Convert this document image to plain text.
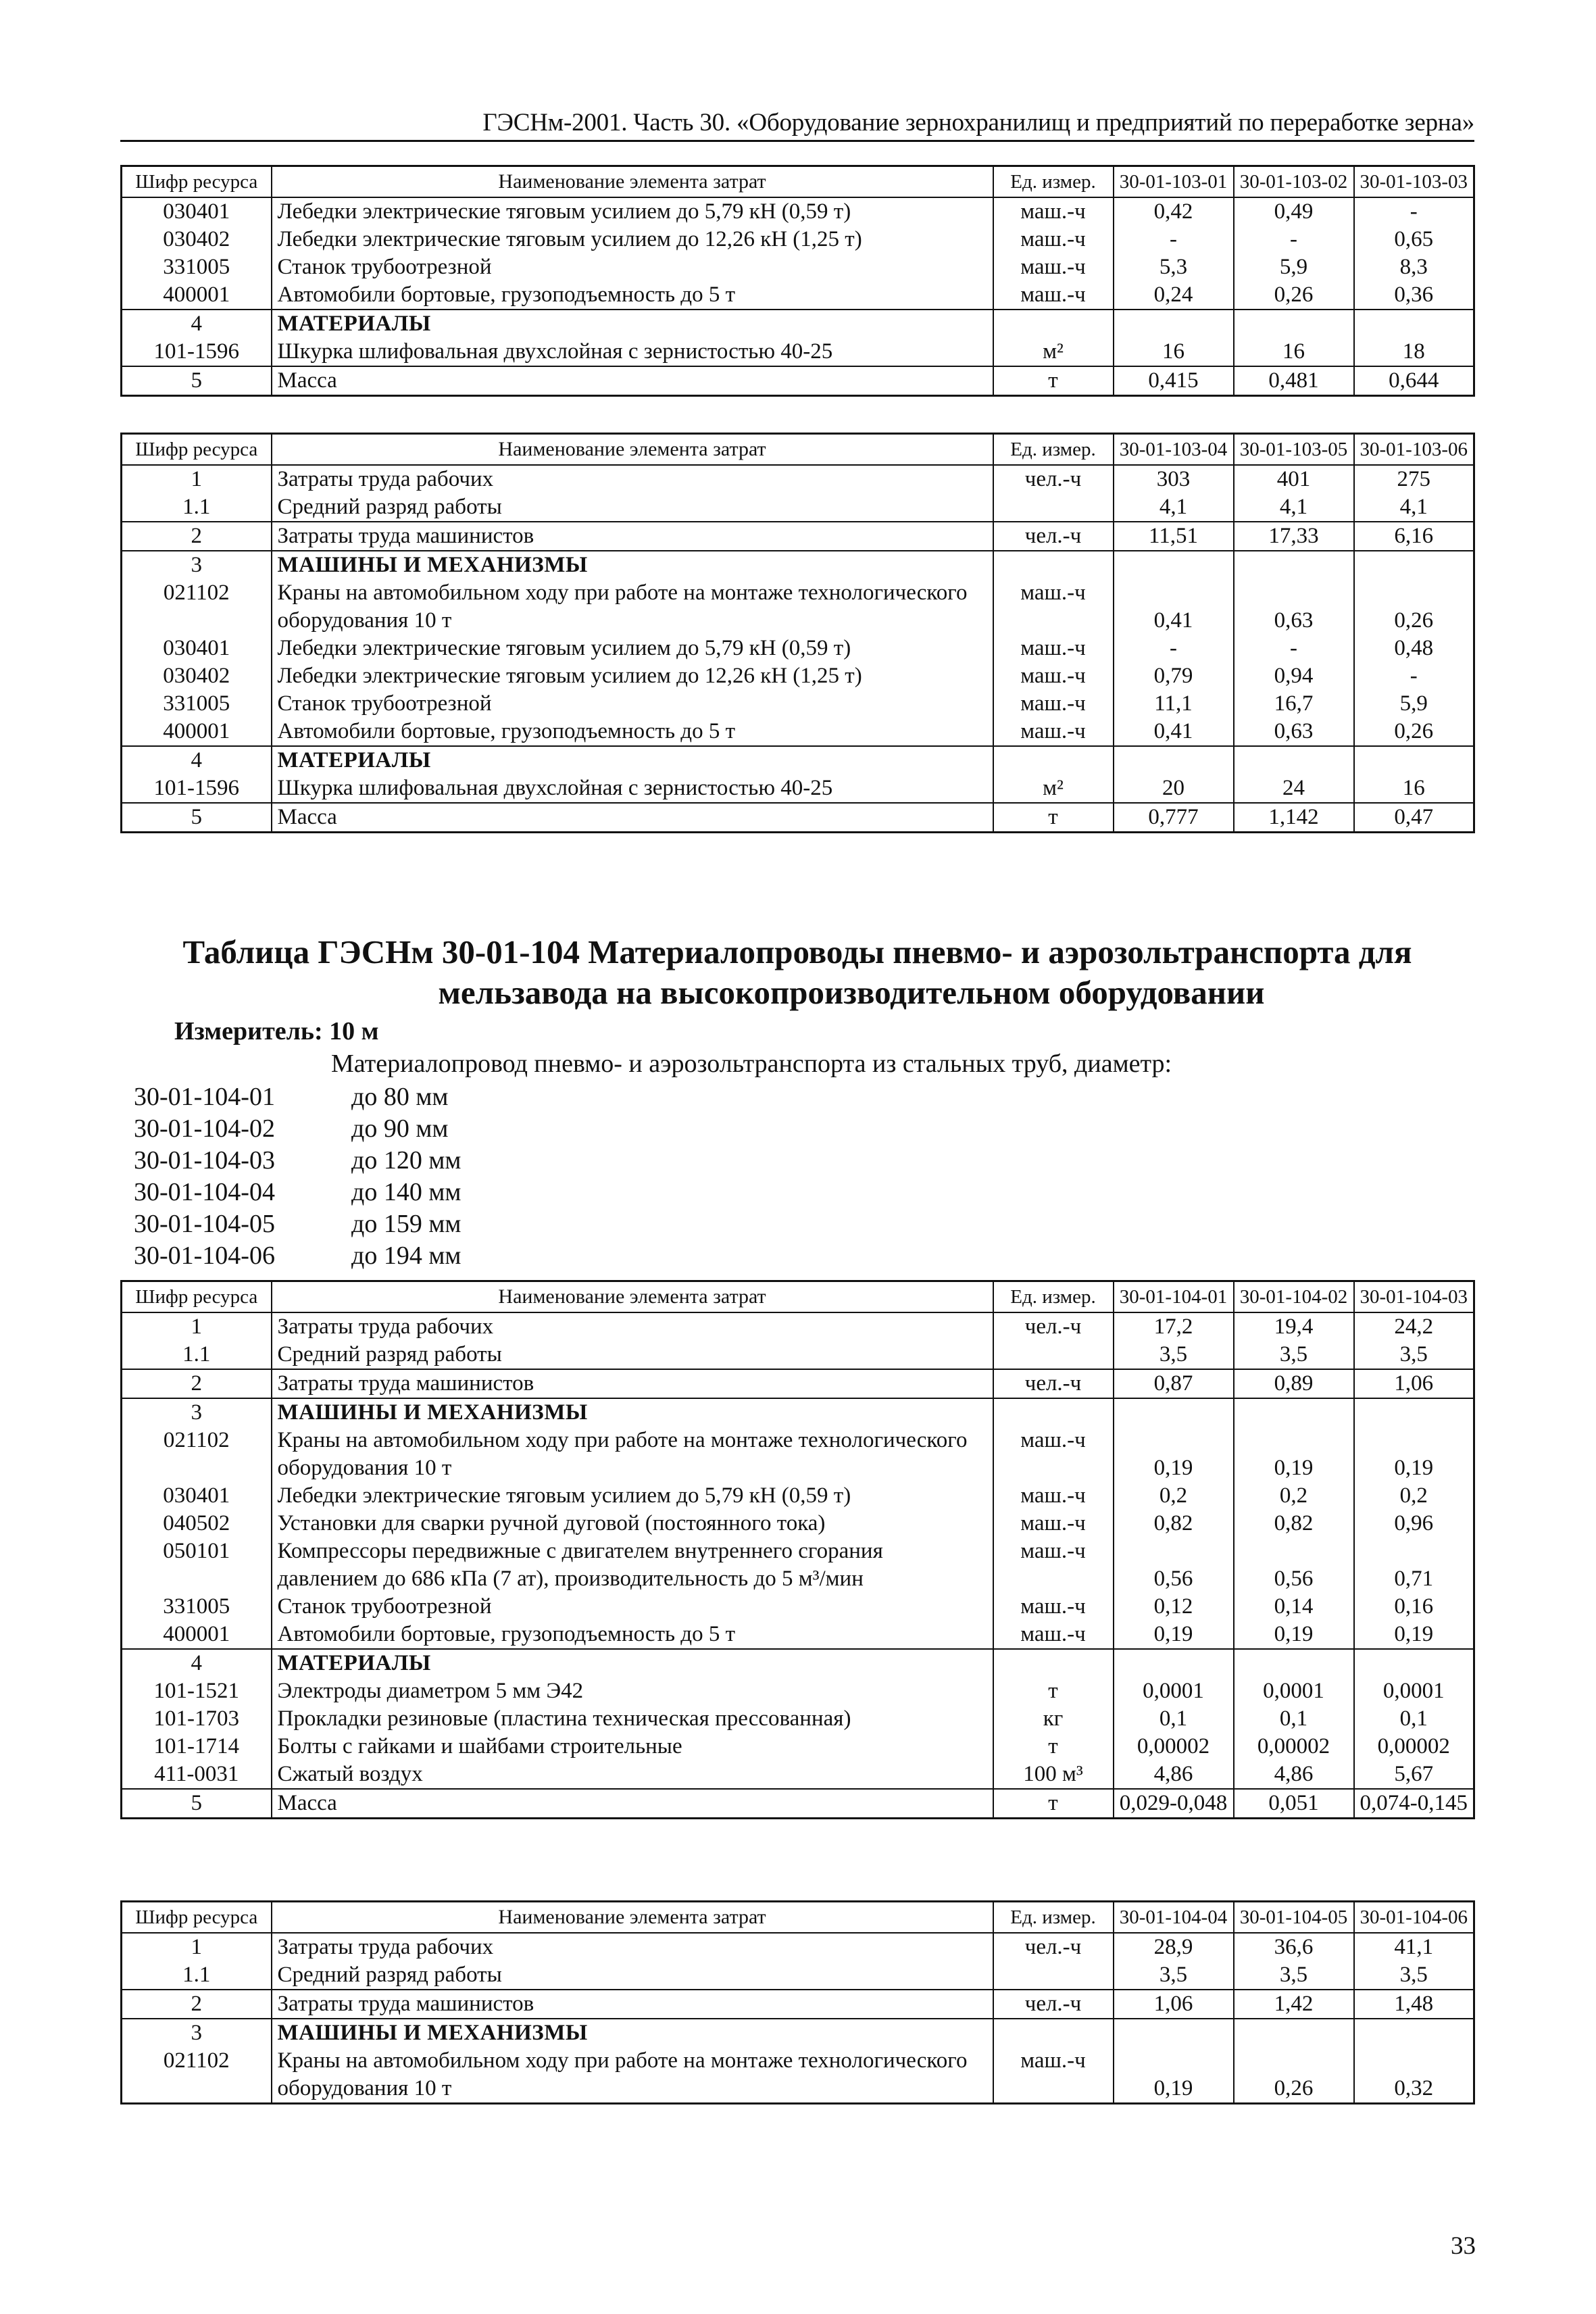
ГЭСНм-2001. Часть 30. «Оборудование зернохранилищ и предприятий по переработке зерна»
Шифр ресурса	Наименование элемента затрат	Ед. измер.	30-01-103-01	30-01-103-02	30-01-103-03
030401	Лебедки электрические тяговым усилием до 5,79 кН (0,59 т)	маш.-ч	0,42	0,49	-
030402	Лебедки электрические тяговым усилием до 12,26 кН (1,25 т)	маш.-ч	-	-	0,65
331005	Станок трубоотрезной	маш.-ч	5,3	5,9	8,3
400001	Автомобили бортовые, грузоподъемность до 5 т	маш.-ч	0,24	0,26	0,36
4	МАТЕРИАЛЫ				
101-1596	Шкурка шлифовальная двухслойная с зернистостью 40-25	м²	16	16	18
5	Масса	т	0,415	0,481	0,644
Шифр ресурса	Наименование элемента затрат	Ед. измер.	30-01-103-04	30-01-103-05	30-01-103-06
1	Затраты труда рабочих	чел.-ч	303	401	275
1.1	Средний разряд работы		4,1	4,1	4,1
2	Затраты труда машинистов	чел.-ч	11,51	17,33	6,16
3	МАШИНЫ И МЕХАНИЗМЫ				
021102	Краны на автомобильном ходу при работе на монтаже технологического оборудования 10 т	маш.-ч	0,41	0,63	0,26
030401	Лебедки электрические тяговым усилием до 5,79 кН (0,59 т)	маш.-ч	-	-	0,48
030402	Лебедки электрические тяговым усилием до 12,26 кН (1,25 т)	маш.-ч	0,79	0,94	-
331005	Станок трубоотрезной	маш.-ч	11,1	16,7	5,9
400001	Автомобили бортовые, грузоподъемность до 5 т	маш.-ч	0,41	0,63	0,26
4	МАТЕРИАЛЫ				
101-1596	Шкурка шлифовальная двухслойная с зернистостью 40-25	м²	20	24	16
5	Масса	т	0,777	1,142	0,47
Таблица ГЭСНм 30-01-104 Материалопроводы пневмо- и аэрозольтранспорта для
мельзавода на высокопроизводительном оборудовании
Измеритель: 10 м
Материалопровод пневмо- и аэрозольтранспорта из стальных труб, диаметр:
30-01-104-01	до 80 мм
30-01-104-02	до 90 мм
30-01-104-03	до 120 мм
30-01-104-04	до 140 мм
30-01-104-05	до 159 мм
30-01-104-06	до 194 мм
Шифр ресурса	Наименование элемента затрат	Ед. измер.	30-01-104-01	30-01-104-02	30-01-104-03
1	Затраты труда рабочих	чел.-ч	17,2	19,4	24,2
1.1	Средний разряд работы		3,5	3,5	3,5
2	Затраты труда машинистов	чел.-ч	0,87	0,89	1,06
3	МАШИНЫ И МЕХАНИЗМЫ				
021102	Краны на автомобильном ходу при работе на монтаже технологического оборудования 10 т	маш.-ч	0,19	0,19	0,19
030401	Лебедки электрические тяговым усилием до 5,79 кН (0,59 т)	маш.-ч	0,2	0,2	0,2
040502	Установки для сварки ручной дуговой (постоянного тока)	маш.-ч	0,82	0,82	0,96
050101	Компрессоры передвижные с двигателем внутреннего сгорания давлением до 686 кПа (7 ат), производительность до 5 м³/мин	маш.-ч	0,56	0,56	0,71
331005	Станок трубоотрезной	маш.-ч	0,12	0,14	0,16
400001	Автомобили бортовые, грузоподъемность до 5 т	маш.-ч	0,19	0,19	0,19
4	МАТЕРИАЛЫ				
101-1521	Электроды диаметром 5 мм Э42	т	0,0001	0,0001	0,0001
101-1703	Прокладки резиновые (пластина техническая прессованная)	кг	0,1	0,1	0,1
101-1714	Болты с гайками и шайбами строительные	т	0,00002	0,00002	0,00002
411-0031	Сжатый воздух	100 м³	4,86	4,86	5,67
5	Масса	т	0,029-0,048	0,051	0,074-0,145
Шифр ресурса	Наименование элемента затрат	Ед. измер.	30-01-104-04	30-01-104-05	30-01-104-06
1	Затраты труда рабочих	чел.-ч	28,9	36,6	41,1
1.1	Средний разряд работы		3,5	3,5	3,5
2	Затраты труда машинистов	чел.-ч	1,06	1,42	1,48
3	МАШИНЫ И МЕХАНИЗМЫ				
021102	Краны на автомобильном ходу при работе на монтаже технологического оборудования 10 т	маш.-ч	0,19	0,26	0,32
33
